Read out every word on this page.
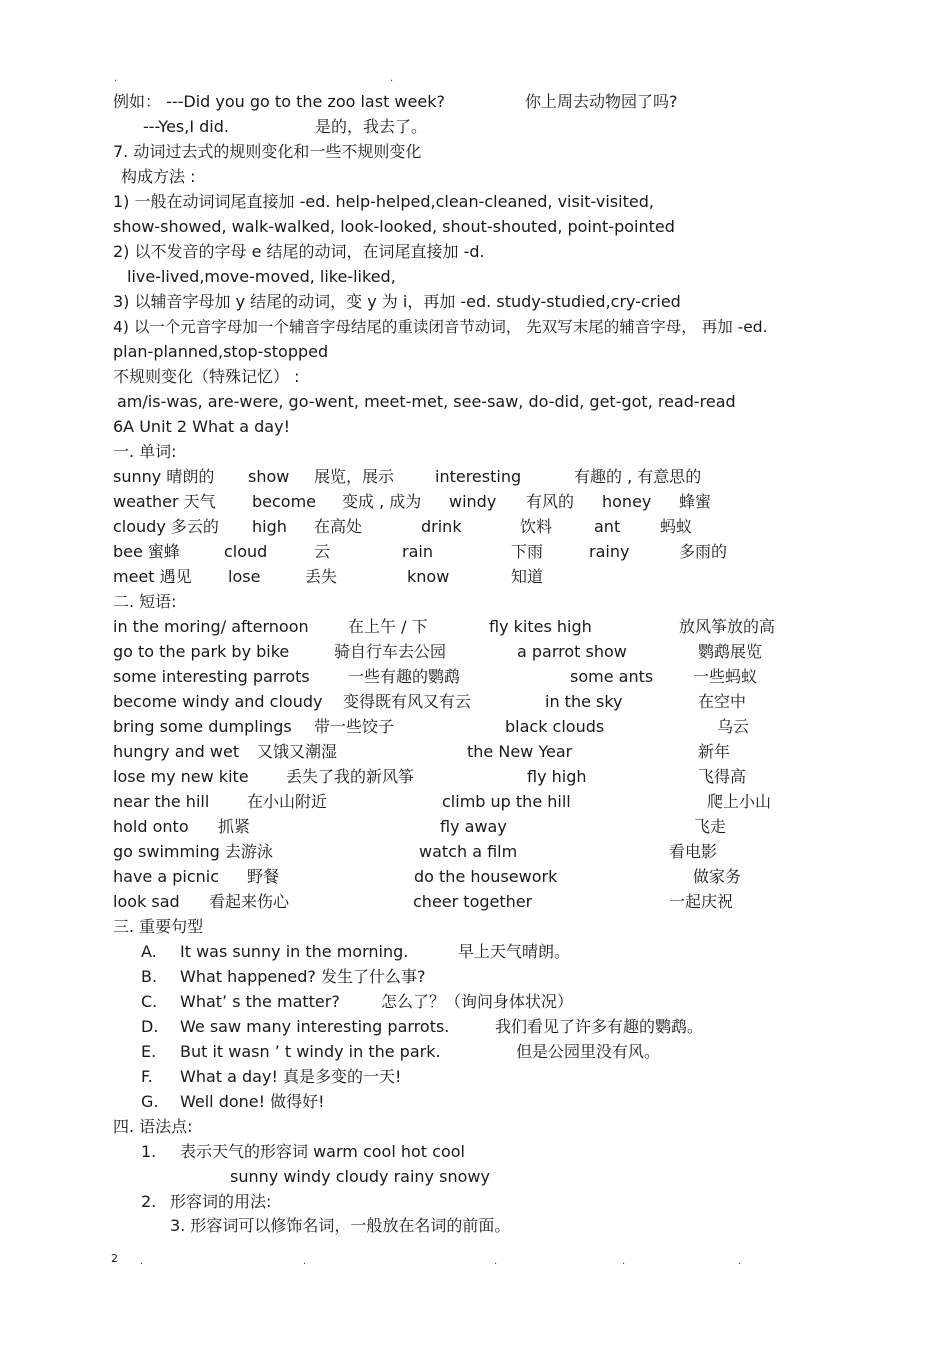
.	.
例如： ---Did you go to the zoo last week?	你上周去动物园了吗?
---Yes,I did.	是的，我去了。
7. 动词过去式的规则变化和一些不规则变化
构成方法 :
1) 一般在动词词尾直接加 -ed. help-helped,clean-cleaned, visit-visited,
show-showed, walk-walked, look-looked, shout-shouted, point-pointed
2) 以不发音的字母 e 结尾的动词，在词尾直接加 -d.
live-lived,move-moved, like-liked,
3) 以辅音字母加 y 结尾的动词，变 y 为 i，再加 -ed. study-studied,cry-cried
4) 以一个元音字母加一个辅音字母结尾的重读闭音节动词， 先双写末尾的辅音字母， 再加 -ed.
plan-planned,stop-stopped
不规则变化（特殊记忆） :
am/is-was, are-were, go-went, meet-met, see-saw, do-did, get-got, read-read
6A Unit 2 What a day!
一. 单词:
sunny 晴朗的 show 展览，展示	interesting	有趣的 , 有意思的
weather 天气 become 变成 , 成为 windy 有风的 honey 蜂蜜
cloudy 多云的 high 在高处	drink	饮料	ant 蚂蚁
bee 蜜蜂	cloud	云	rain	下雨	rainy	多雨的
meet 遇见 lose	丢失	know	知道
二. 短语:
in the moring/ afternoon 在上午 / 下	fly kites high	放风筝放的高
go to the park by bike	骑自行车去公园	a parrot show	鹦鹉展览
some interesting parrots 一些有趣的鹦鹉	some ants 一些蚂蚁
become windy and cloudy 变得既有风又有云	in the sky	在空中
bring some dumplings 带一些饺子	black clouds	乌云
hungry and wet 又饿又潮湿	the New Year	新年
lose my new kite 丢失了我的新风筝	fly high	飞得高
near the hill 在小山附近	climb up the hill	爬上小山
hold onto 抓紧	fly away	飞走
go swimming 去游泳	watch a film	看电影
have a picnic 野餐	do the housework	做家务
look sad 看起来伤心	cheer together	一起庆祝
三. 重要句型
A. It was sunny in the morning.	早上天气晴朗。
B. What happened? 发生了什么事?
C. What’ s the matter?	怎么了？（询问身体状况）
D. We saw many interesting parrots.	我们看见了许多有趣的鹦鹉。
E. But it wasn ’ t windy in the park.	但是公园里没有风。
F. What a day! 真是多变的一天!
G. Well done! 做得好!
四. 语法点:
1. 表示天气的形容词 warm cool hot cool
sunny windy cloudy rainy snowy
2. 形容词的用法:
3. 形容词可以修饰名词，一般放在名词的前面。
2 .	.	.	.	.
